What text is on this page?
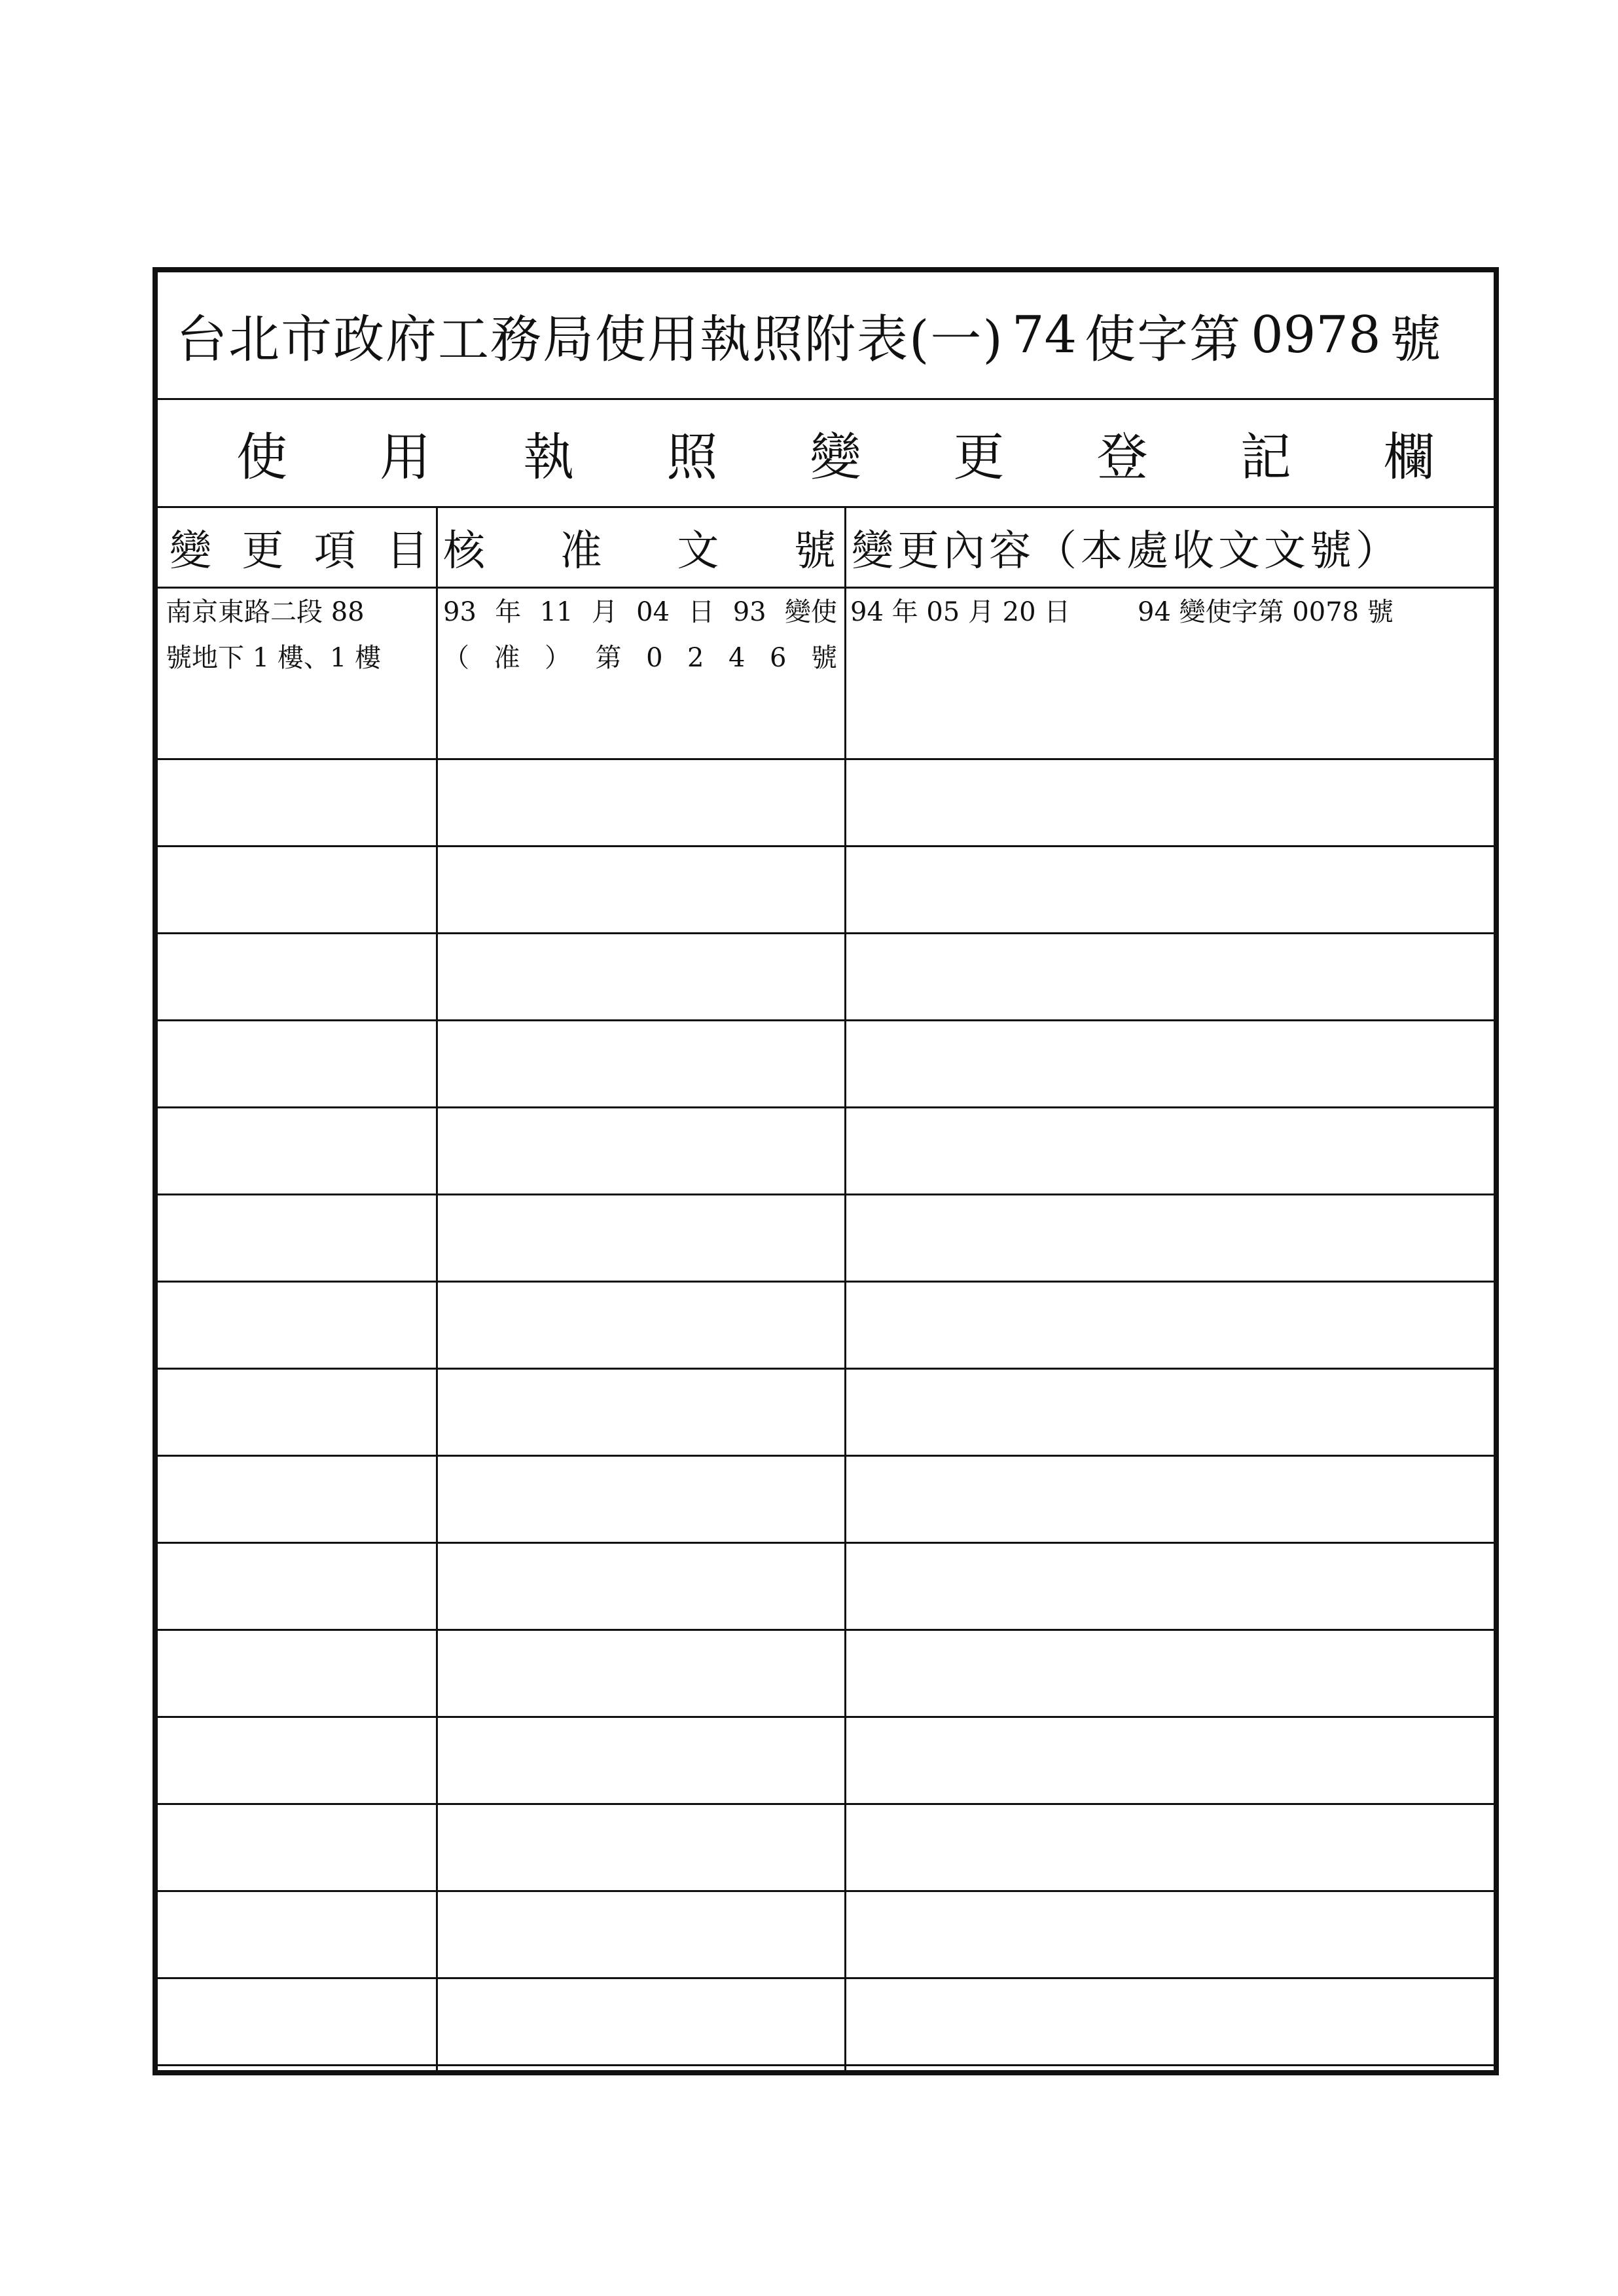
台北市政府工務局使用執照附表(一) 74 使字第 0978 號
使 用 執 照 變 更 登 記 欄
變 更 項 目 核 准 文 號 變更內容（本處收文文號）
南京東路二段 88
號地下 1 樓、1 樓
93 年 11 月 04 日 93 變使
（ 准 ） 第 0 2 4 6 號
94 年 05 月 20 日	94 變使字第 0078 號
